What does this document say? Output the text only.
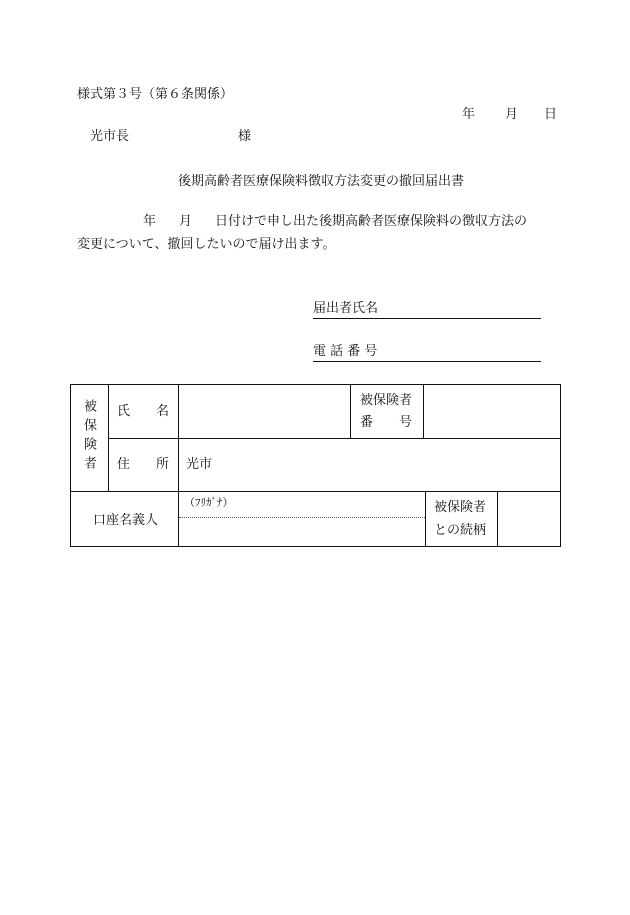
様式第３号（第６条関係）
年 月 日
光市長	様
後期高齢者医療保険料徴収方法変更の撤回届出書
年 月 日付けで申し出た後期高齢者医療保険料の徴収方法の
変更について、撤回したいので届け出ます。
届出者氏名
電 話 番 号
被保険者 氏　　名
被保険者
番　　号
住　　所 光市
口座名義人
（ﾌﾘｶﾞﾅ）	被保険者
との続柄
